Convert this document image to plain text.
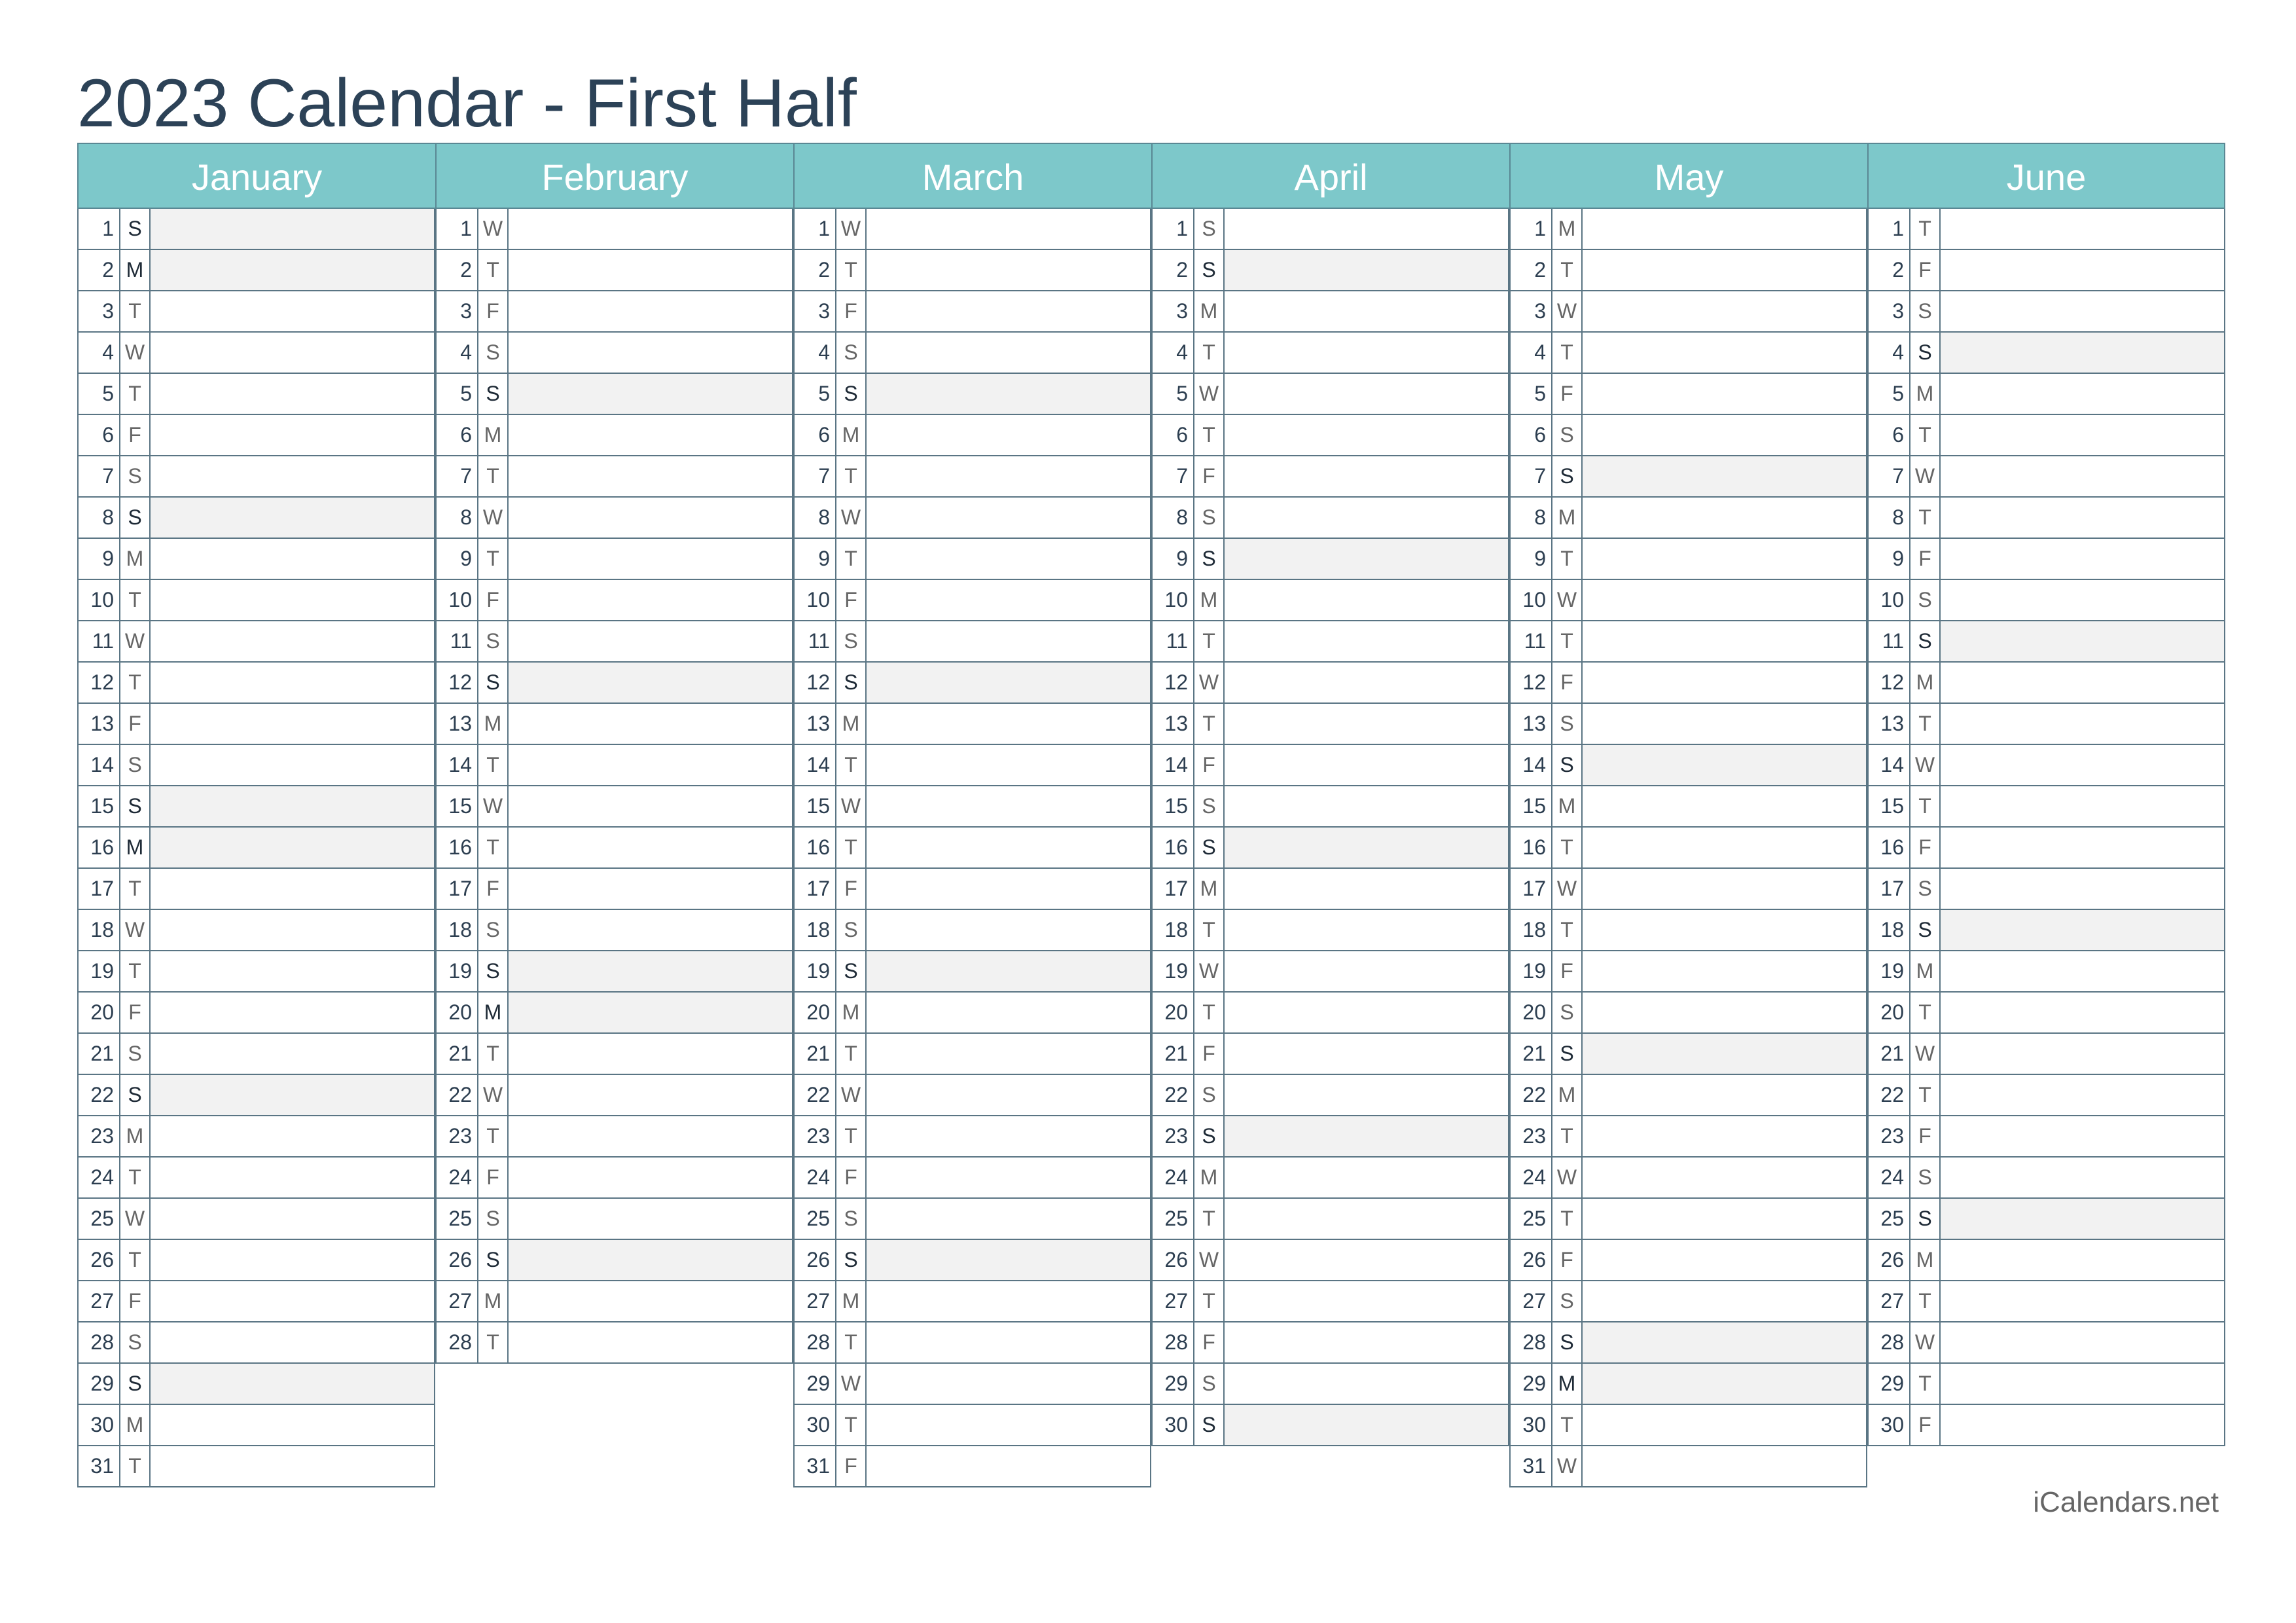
2023 Calendar - First Half
January
1 S
2 M
3 T
4 W
5 T
6 F
7 S
8 S
9 M
10 T
11 W
12 T
13 F
14 S
15 S
16 M
17 T
18 W
19 T
20 F
21 S
22 S
23 M
24 T
25 W
26 T
27 F
28 S
29 S
30 M
31 T
February
1 W
2 T
3 F
4 S
5 S
6 M
7 T
8 W
9 T
10 F
11 S
12 S
13 M
14 T
15 W
16 T
17 F
18 S
19 S
20 M
21 T
22 W
23 T
24 F
25 S
26 S
27 M
28 T
March
1 W
2 T
3 F
4 S
5 S
6 M
7 T
8 W
9 T
10 F
11 S
12 S
13 M
14 T
15 W
16 T
17 F
18 S
19 S
20 M
21 T
22 W
23 T
24 F
25 S
26 S
27 M
28 T
29 W
30 T
31 F
April
1 S
2 S
3 M
4 T
5 W
6 T
7 F
8 S
9 S
10 M
11 T
12 W
13 T
14 F
15 S
16 S
17 M
18 T
19 W
20 T
21 F
22 S
23 S
24 M
25 T
26 W
27 T
28 F
29 S
30 S
May
1 M
2 T
3 W
4 T
5 F
6 S
7 S
8 M
9 T
10 W
11 T
12 F
13 S
14 S
15 M
16 T
17 W
18 T
19 F
20 S
21 S
22 M
23 T
24 W
25 T
26 F
27 S
28 S
29 M
30 T
31 W
June
1 T
2 F
3 S
4 S
5 M
6 T
7 W
8 T
9 F
10 S
11 S
12 M
13 T
14 W
15 T
16 F
17 S
18 S
19 M
20 T
21 W
22 T
23 F
24 S
25 S
26 M
27 T
28 W
29 T
30 F
iCalendars.net
